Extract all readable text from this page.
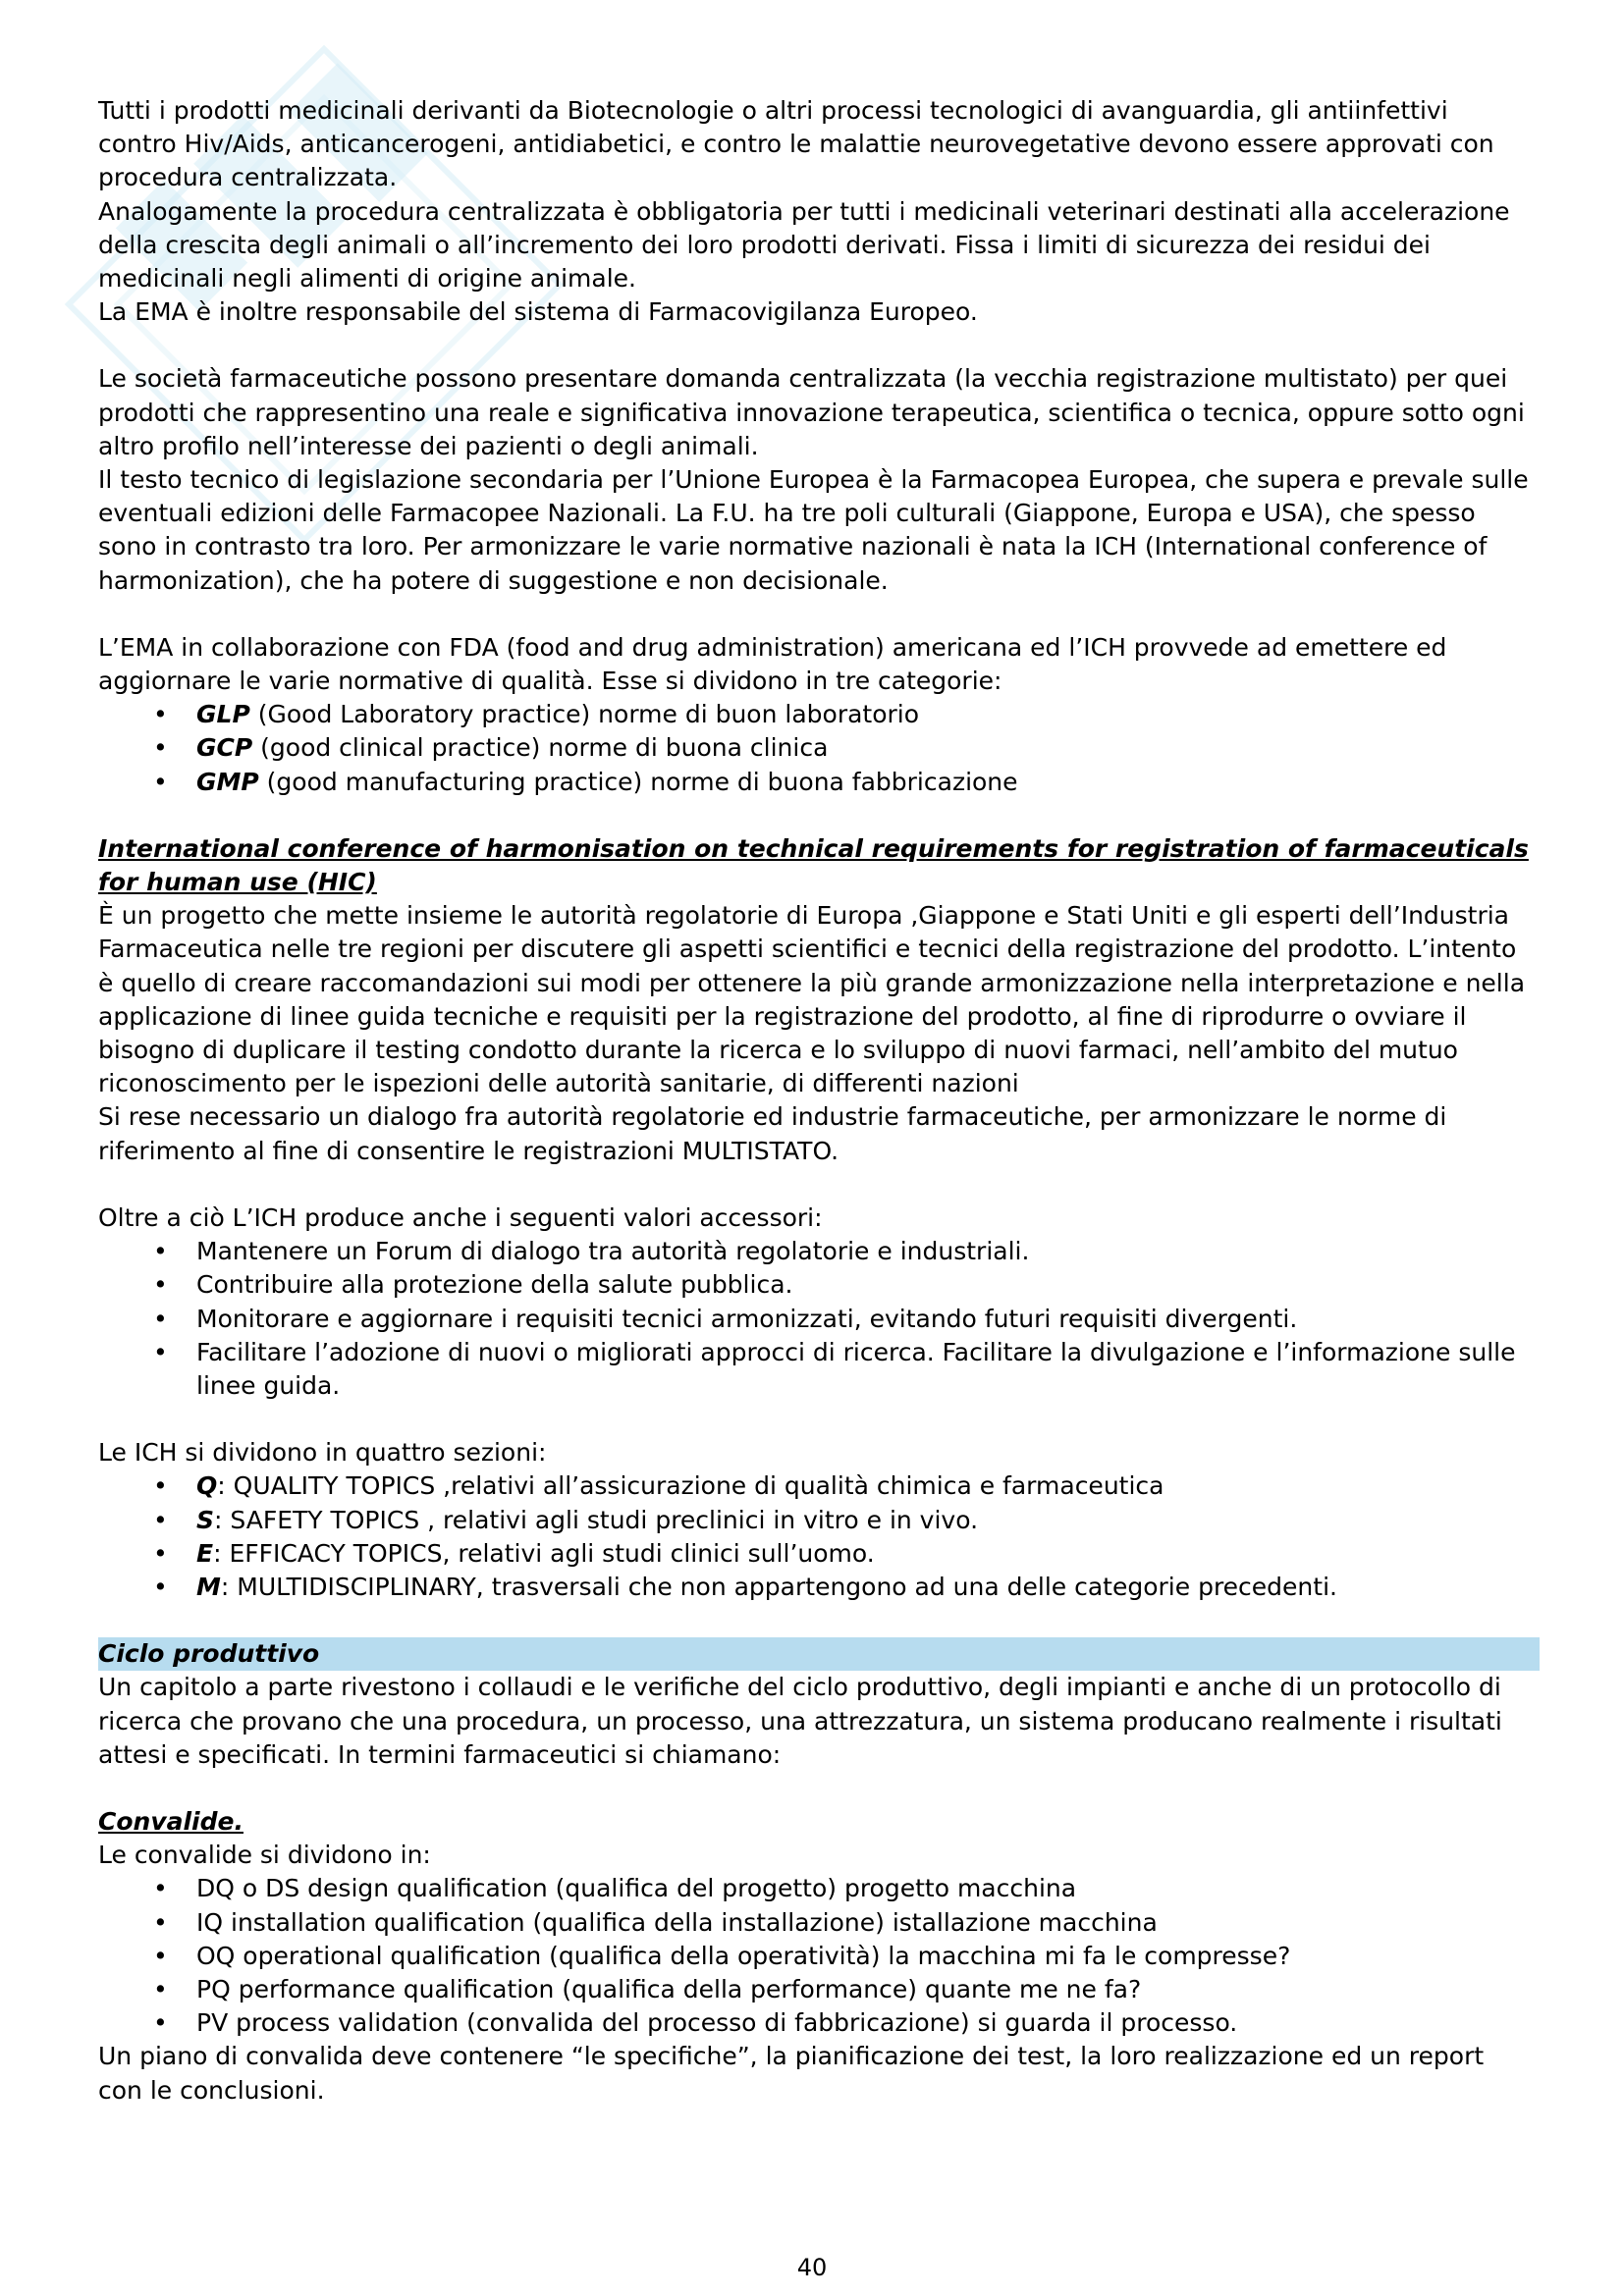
Tutti i prodotti medicinali derivanti da Biotecnologie o altri processi tecnologici di avanguardia, gli antiinfettivi contro Hiv/Aids, anticancerogeni, antidiabetici, e contro le malattie neurovegetative devono essere approvati con procedura centralizzata.

Analogamente la procedura centralizzata è obbligatoria per tutti i medicinali veterinari destinati alla accelerazione della crescita degli animali o all’incremento dei loro prodotti derivati. Fissa i limiti di sicurezza dei residui dei medicinali negli alimenti di origine animale.

La EMA è inoltre responsabile del sistema di Farmacovigilanza Europeo.

Le società farmaceutiche possono presentare domanda centralizzata (la vecchia registrazione multistato) per quei prodotti che rappresentino una reale e significativa innovazione terapeutica, scientifica o tecnica, oppure sotto ogni altro profilo nell’interesse dei pazienti o degli animali.

Il testo tecnico di legislazione secondaria per l’Unione Europea è la Farmacopea Europea, che supera e prevale sulle eventuali edizioni delle Farmacopee Nazionali. La F.U. ha tre poli culturali (Giappone, Europa e USA), che spesso sono in contrasto tra loro. Per armonizzare le varie normative nazionali è nata la ICH (International conference of harmonization), che ha potere di suggestione e non decisionale.

L’EMA in collaborazione con FDA (food and drug administration) americana ed l’ICH provvede ad emettere ed aggiornare le varie normative di qualità. Esse si dividono in tre categorie:

• GLP (Good Laboratory practice) norme di buon laboratorio
• GCP (good clinical practice) norme di buona clinica
• GMP (good manufacturing practice) norme di buona fabbricazione

International conference of harmonisation on technical requirements for registration of farmaceuticals for human use (HIC)

È un progetto che mette insieme le autorità regolatorie di Europa ,Giappone e Stati Uniti e gli esperti dell’Industria Farmaceutica nelle tre regioni per discutere gli aspetti scientifici e tecnici della registrazione del prodotto. L’intento è quello di creare raccomandazioni sui modi per ottenere la più grande armonizzazione nella interpretazione e nella applicazione di linee guida tecniche e requisiti per la registrazione del prodotto, al fine di riprodurre o ovviare il bisogno di duplicare il testing condotto durante la ricerca e lo sviluppo di nuovi farmaci, nell’ambito del mutuo riconoscimento per le ispezioni delle autorità sanitarie, di differenti nazioni

Si rese necessario un dialogo fra autorità regolatorie ed industrie farmaceutiche, per armonizzare le norme di riferimento al fine di consentire le registrazioni MULTISTATO.

Oltre a ciò L’ICH produce anche i seguenti valori accessori:

• Mantenere un Forum di dialogo tra autorità regolatorie e industriali.
• Contribuire alla protezione della salute pubblica.
• Monitorare e aggiornare i requisiti tecnici armonizzati, evitando futuri requisiti divergenti.
• Facilitare l’adozione di nuovi o migliorati approcci di ricerca. Facilitare la divulgazione e l’informazione sulle linee guida.

Le ICH si dividono in quattro sezioni:

• Q: QUALITY TOPICS ,relativi all’assicurazione di qualità chimica e farmaceutica
• S: SAFETY TOPICS , relativi agli studi preclinici in vitro e in vivo.
• E: EFFICACY TOPICS, relativi agli studi clinici sull’uomo.
• M: MULTIDISCIPLINARY, trasversali che non appartengono ad una delle categorie precedenti.

Ciclo produttivo

Un capitolo a parte rivestono i collaudi e le verifiche del ciclo produttivo, degli impianti e anche di un protocollo di ricerca che provano che una procedura, un processo, una attrezzatura, un sistema producano realmente i risultati attesi e specificati. In termini farmaceutici si chiamano:

Convalide.

Le convalide si dividono in:

• DQ o DS design qualification (qualifica del progetto) progetto macchina
• IQ installation qualification (qualifica della installazione) istallazione macchina
• OQ operational qualification (qualifica della operatività) la macchina mi fa le compresse?
• PQ performance qualification (qualifica della performance) quante me ne fa?
• PV process validation (convalida del processo di fabbricazione) si guarda il processo.

Un piano di convalida deve contenere “le specifiche”, la pianificazione dei test, la loro realizzazione ed un report con le conclusioni.

40
